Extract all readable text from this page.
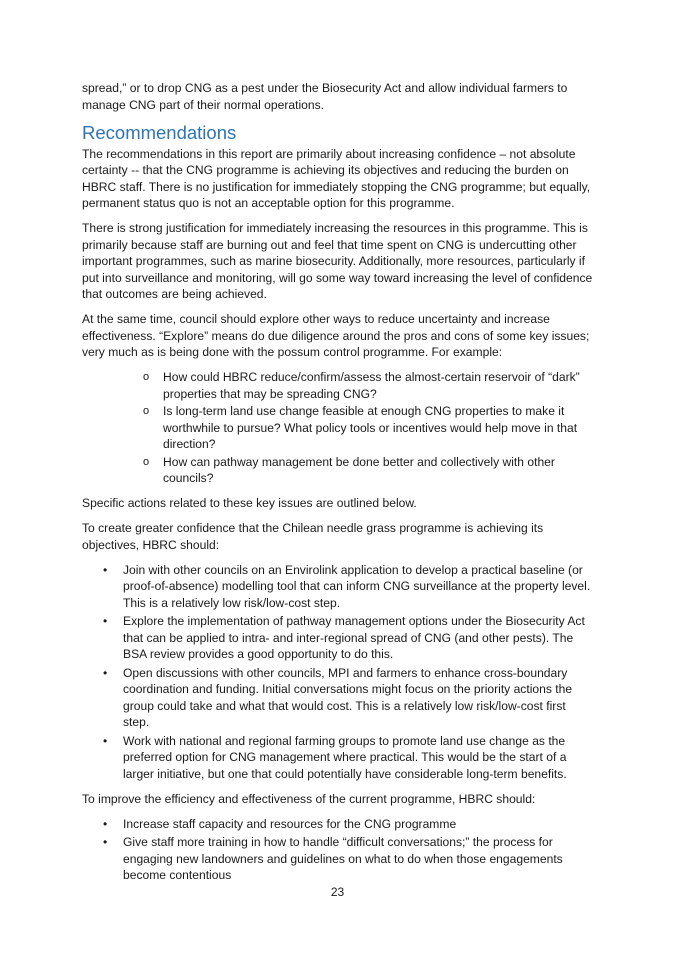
spread,” or to drop CNG as a pest under the Biosecurity Act and allow individual farmers to manage CNG part of their normal operations.

Recommendations

The recommendations in this report are primarily about increasing confidence – not absolute certainty -- that the CNG programme is achieving its objectives and reducing the burden on HBRC staff. There is no justification for immediately stopping the CNG programme; but equally, permanent status quo is not an acceptable option for this programme.

There is strong justification for immediately increasing the resources in this programme. This is primarily because staff are burning out and feel that time spent on CNG is undercutting other important programmes, such as marine biosecurity. Additionally, more resources, particularly if put into surveillance and monitoring, will go some way toward increasing the level of confidence that outcomes are being achieved.

At the same time, council should explore other ways to reduce uncertainty and increase effectiveness. “Explore” means do due diligence around the pros and cons of some key issues; very much as is being done with the possum control programme. For example:

o How could HBRC reduce/confirm/assess the almost-certain reservoir of “dark” properties that may be spreading CNG?
o Is long-term land use change feasible at enough CNG properties to make it worthwhile to pursue? What policy tools or incentives would help move in that direction?
o How can pathway management be done better and collectively with other councils?

Specific actions related to these key issues are outlined below.

To create greater confidence that the Chilean needle grass programme is achieving its objectives, HBRC should:

• Join with other councils on an Envirolink application to develop a practical baseline (or proof-of-absence) modelling tool that can inform CNG surveillance at the property level. This is a relatively low risk/low-cost step.
• Explore the implementation of pathway management options under the Biosecurity Act that can be applied to intra- and inter-regional spread of CNG (and other pests). The BSA review provides a good opportunity to do this.
• Open discussions with other councils, MPI and farmers to enhance cross-boundary coordination and funding. Initial conversations might focus on the priority actions the group could take and what that would cost. This is a relatively low risk/low-cost first step.
• Work with national and regional farming groups to promote land use change as the preferred option for CNG management where practical. This would be the start of a larger initiative, but one that could potentially have considerable long-term benefits.

To improve the efficiency and effectiveness of the current programme, HBRC should:

• Increase staff capacity and resources for the CNG programme
• Give staff more training in how to handle “difficult conversations;” the process for engaging new landowners and guidelines on what to do when those engagements become contentious
23
